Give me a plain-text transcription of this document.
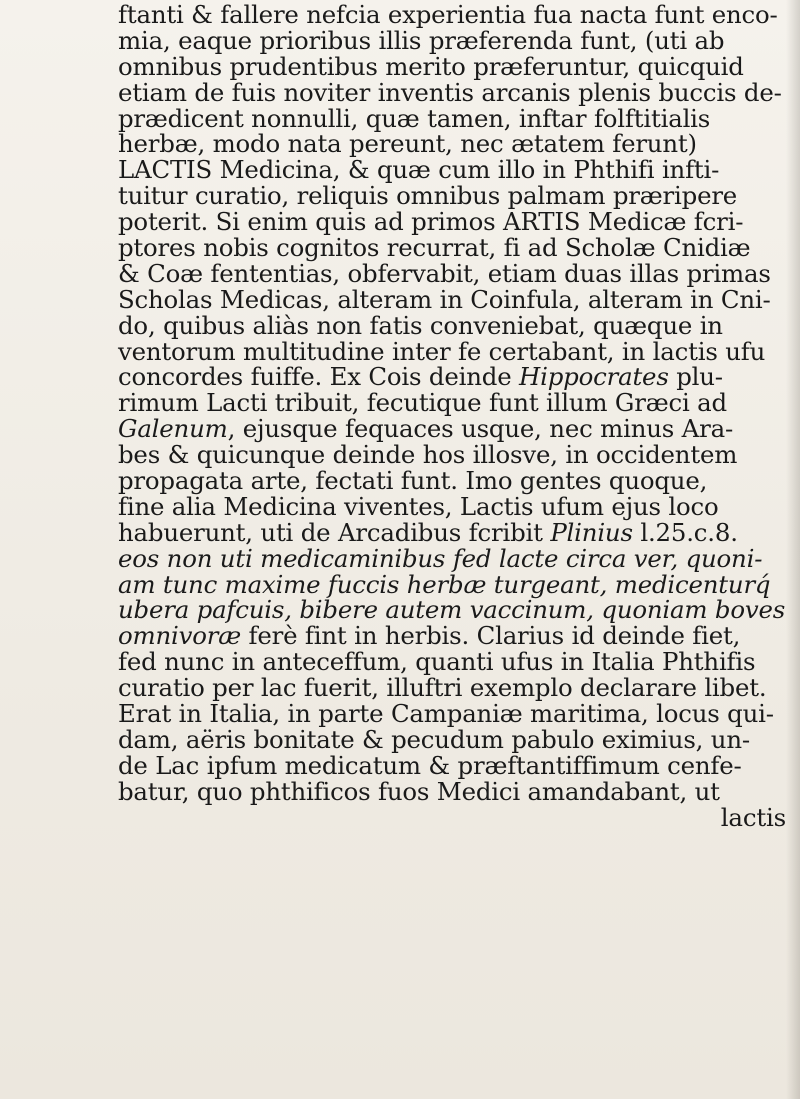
ftanti & fallere nefcia experientia fua nacta funt enco-
mia, eaque prioribus illis præferenda funt, (uti ab
omnibus prudentibus merito præferuntur, quicquid
etiam de fuis noviter inventis arcanis plenis buccis de-
prædicent nonnulli, quæ tamen, inftar folftitialis
herbæ, modo nata pereunt, nec ætatem ferunt)
LACTIS Medicina, & quæ cum illo in Phthifi infti-
tuitur curatio, reliquis omnibus palmam præripere
poterit. Si enim quis ad primos ARTIS Medicæ fcri-
ptores nobis cognitos recurrat, fi ad Scholæ Cnidiæ
& Coæ fententias, obfervabit, etiam duas illas primas
Scholas Medicas, alteram in Coinfula, alteram in Cni-
do, quibus aliàs non fatis conveniebat, quæque in
ventorum multitudine inter fe certabant, in lactis ufu
concordes fuiffe. Ex Cois deinde Hippocrates plu-
rimum Lacti tribuit, fecutique funt illum Græci ad
Galenum, ejusque fequaces usque, nec minus Ara-
bes & quicunque deinde hos illosve, in occidentem
propagata arte, fectati funt. Imo gentes quoque,
fine alia Medicina viventes, Lactis ufum ejus loco
habuerunt, uti de Arcadibus fcribit Plinius l.25.c.8.
eos non uti medicaminibus fed lacte circa ver, quoni-
am tunc maxime fuccis herbæ turgeant, medicenturq́
ubera pafcuis, bibere autem vaccinum, quoniam boves
omnivoræ ferè fint in herbis. Clarius id deinde fiet,
fed nunc in anteceffum, quanti ufus in Italia Phthifis
curatio per lac fuerit, illuftri exemplo declarare libet.
Erat in Italia, in parte Campaniæ maritima, locus qui-
dam, aëris bonitate & pecudum pabulo eximius, un-
de Lac ipfum medicatum & præftantiffimum cenfe-
batur, quo phthificos fuos Medici amandabant, ut
lactis
